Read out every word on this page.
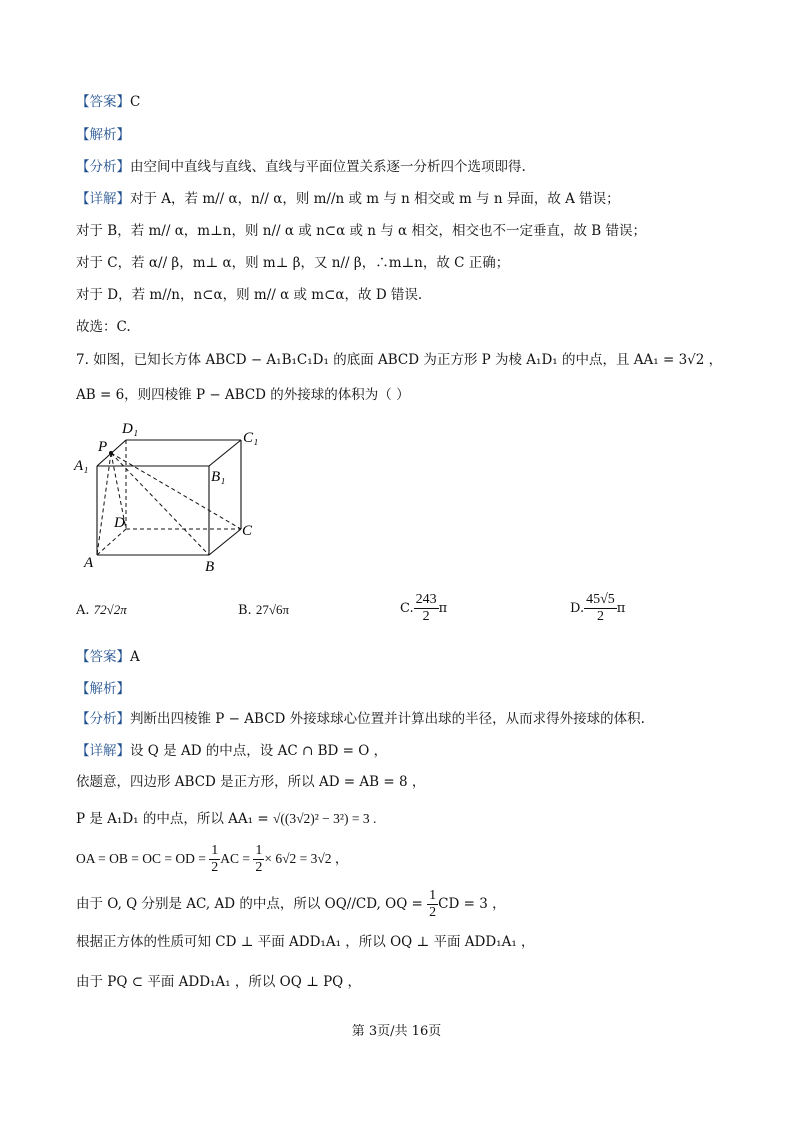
【答案】C
【解析】
【分析】由空间中直线与直线、直线与平面位置关系逐一分析四个选项即得.
【详解】对于 A，若 m// α，n// α，则 m//n 或 m 与 n 相交或 m 与 n 异面，故 A 错误；
对于 B，若 m// α，m⊥n，则 n// α 或 n⊂α 或 n 与 α 相交，相交也不一定垂直，故 B 错误；
对于 C，若 α// β，m⊥ α，则 m⊥ β，又 n// β，∴m⊥n，故 C 正确；
对于 D，若 m//n，n⊂α，则 m// α 或 m⊂α，故 D 错误.
故选：C.
7. 如图，已知长方体 ABCD − A₁B₁C₁D₁ 的底面 ABCD 为正方形 P 为棱 A₁D₁ 的中点，且 AA₁ = 3√2 ，
AB = 6，则四棱锥 P − ABCD 的外接球的体积为（ ）
D₁
C₁
P
A₁
B₁
D	C
A	B
A. 72√2π	B. 27√6π	C. $\frac{243}{2}$ π	D. $\frac{45√5}{2}$ π
【答案】A
【解析】
【分析】判断出四棱锥 P − ABCD 外接球球心位置并计算出球的半径，从而求得外接球的体积.
【详解】设 Q 是 AD 的中点，设 AC ∩ BD = O ，
依题意，四边形 ABCD 是正方形，所以 AD = AB = 8 ，
P 是 A₁D₁ 的中点，所以 AA₁ = √((3√2)² − 3²) = 3 .
OA = OB = OC = OD = $\frac{1}{2}$ AC = $\frac{1}{2} \times 6√2 = 3√2$ ，
由于 O, Q 分别是 AC, AD 的中点，所以 OQ//CD, OQ = $\frac{1}{2}$ CD = 3 ，
根据正方体的性质可知 CD ⊥ 平面 ADD₁A₁ ，所以 OQ ⊥ 平面 ADD₁A₁ ，
由于 PQ ⊂ 平面 ADD₁A₁ ，所以 OQ ⊥ PQ ，
第 3页/共 16页
